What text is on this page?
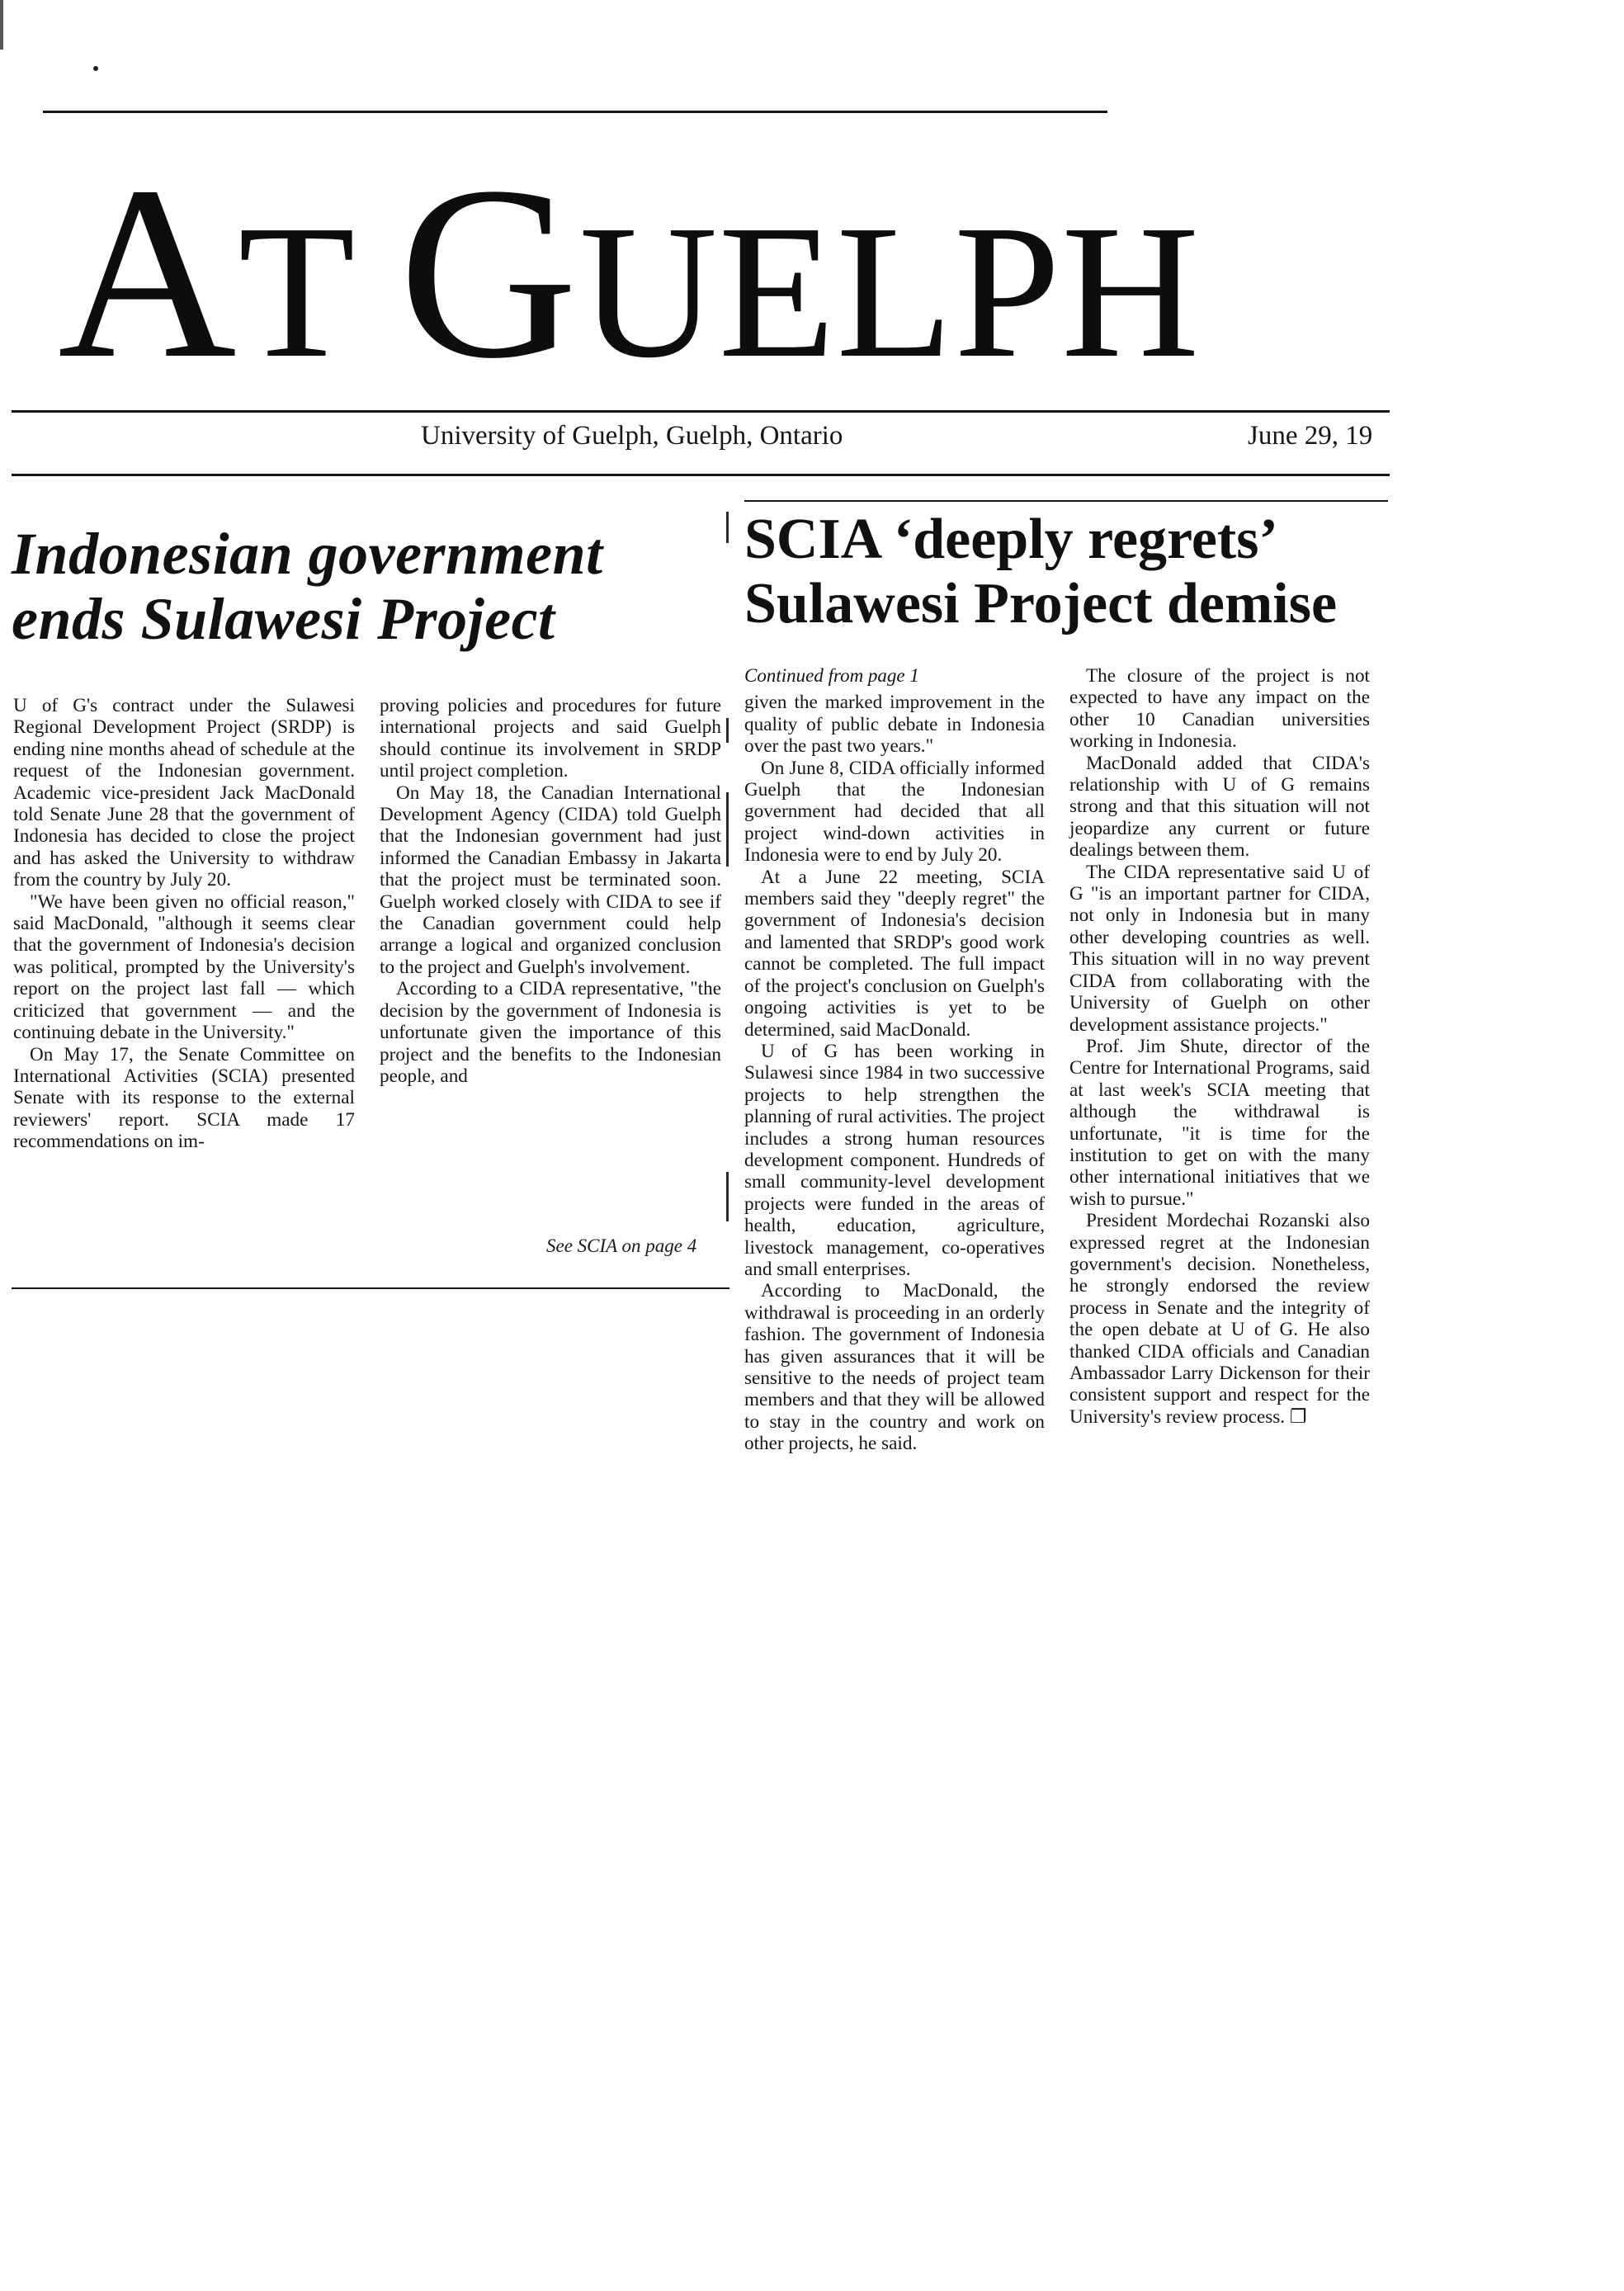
AT GUELPH
University of Guelph, Guelph, Ontario	June 29, 19
Indonesian government
ends Sulawesi Project

U of G's contract under the Sulawesi Regional Development Project (SRDP) is ending nine months ahead of schedule at the request of the Indonesian government. Academic vice-president Jack MacDonald told Senate June 28 that the government of Indonesia has decided to close the project and has asked the University to withdraw from the country by July 20.

"We have been given no official reason," said MacDonald, "although it seems clear that the government of Indonesia's decision was political, prompted by the University's report on the project last fall — which criticized that government — and the continuing debate in the University."

On May 17, the Senate Committee on International Activities (SCIA) presented Senate with its response to the external reviewers' report. SCIA made 17 recommendations on im-

proving policies and procedures for future international projects and said Guelph should continue its involvement in SRDP until project completion.

On May 18, the Canadian International Development Agency (CIDA) told Guelph that the Indonesian government had just informed the Canadian Embassy in Jakarta that the project must be terminated soon. Guelph worked closely with CIDA to see if the Canadian government could help arrange a logical and organized conclusion to the project and Guelph's involvement.

According to a CIDA representative, "the decision by the government of Indonesia is unfortunate given the importance of this project and the benefits to the Indonesian people, and

See SCIA on page 4
SCIA ‘deeply regrets’
Sulawesi Project demise

Continued from page 1

given the marked improvement in the quality of public debate in Indonesia over the past two years."

On June 8, CIDA officially informed Guelph that the Indonesian government had decided that all project wind-down activities in Indonesia were to end by July 20.

At a June 22 meeting, SCIA members said they "deeply regret" the government of Indonesia's decision and lamented that SRDP's good work cannot be completed. The full impact of the project's conclusion on Guelph's ongoing activities is yet to be determined, said MacDonald.

U of G has been working in Sulawesi since 1984 in two successive projects to help strengthen the planning of rural activities. The project includes a strong human resources development component. Hundreds of small community-level development projects were funded in the areas of health, education, agriculture, livestock management, co-operatives and small enterprises.

According to MacDonald, the withdrawal is proceeding in an orderly fashion. The government of Indonesia has given assurances that it will be sensitive to the needs of project team members and that they will be allowed to stay in the country and work on other projects, he said.

The closure of the project is not expected to have any impact on the other 10 Canadian universities working in Indonesia.

MacDonald added that CIDA's relationship with U of G remains strong and that this situation will not jeopardize any current or future dealings between them.

The CIDA representative said U of G "is an important partner for CIDA, not only in Indonesia but in many other developing countries as well. This situation will in no way prevent CIDA from collaborating with the University of Guelph on other development assistance projects."

Prof. Jim Shute, director of the Centre for International Programs, said at last week's SCIA meeting that although the withdrawal is unfortunate, "it is time for the institution to get on with the many other international initiatives that we wish to pursue."

President Mordechai Rozanski also expressed regret at the Indonesian government's decision. Nonetheless, he strongly endorsed the review process in Senate and the integrity of the open debate at U of G. He also thanked CIDA officials and Canadian Ambassador Larry Dickenson for their consistent support and respect for the University's review process. ❐
